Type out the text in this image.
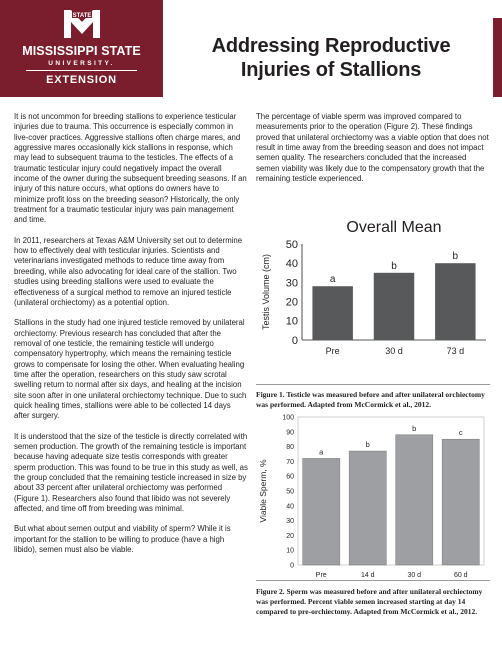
STATE
MISSISSIPPI STATE
UNIVERSITY.
EXTENSION
Addressing Reproductive
Injuries of Stallions

It is not uncommon for breeding stallions to experience testicular injuries due to trauma. This occurrence is especially common in live-cover practices. Aggressive stallions often charge mares, and aggressive mares occasionally kick stallions in response, which may lead to subsequent trauma to the testicles. The effects of a traumatic testicular injury could negatively impact the overall income of the owner during the subsequent breeding seasons. If an injury of this nature occurs, what options do owners have to minimize profit loss on the breeding season? Historically, the only treatment for a traumatic testicular injury was pain management and time.

In 2011, researchers at Texas A&M University set out to determine how to effectively deal with testicular injuries. Scientists and veterinarians investigated methods to reduce time away from breeding, while also advocating for ideal care of the stallion. Two studies using breeding stallions were used to evaluate the effectiveness of a surgical method to remove an injured testicle (unilateral orchiectomy) as a potential option.

Stallions in the study had one injured testicle removed by unilateral orchiectomy. Previous research has concluded that after the removal of one testicle, the remaining testicle will undergo compensatory hypertrophy, which means the remaining testicle grows to compensate for losing the other. When evaluating healing time after the operation, researchers on this study saw scrotal swelling return to normal after six days, and healing at the incision site soon after in one unilateral orchiectomy technique. Due to such quick healing times, stallions were able to be collected 14 days after surgery.

It is understood that the size of the testicle is directly correlated with semen production. The growth of the remaining testicle is important because having adequate size testis corresponds with greater sperm production. This was found to be true in this study as well, as the group concluded that the remaining testicle increased in size by about 33 percent after unilateral orchiectomy was performed (Figure 1). Researchers also found that libido was not severely affected, and time off from breeding was minimal.

But what about semen output and viability of sperm? While it is important for the stallion to be willing to produce (have a high libido), semen must also be viable.

The percentage of viable sperm was improved compared to measurements prior to the operation (Figure 2). These findings proved that unilateral orchiectomy was a viable option that does not result in time away from the breeding season and does not impact semen quality. The researchers concluded that the increased semen viability was likely due to the compensatory growth that the remaining testicle experienced.

Overall Mean
0
10
20
30
40
50
a
Pre
b
30 d
b
73 d
Testis Volume (cm)
Figure 1. Testicle was measured before and after unilateral orchiectomy was performed. Adapted from McCormick et al., 2012.
0
10
20
30
40
50
60
70
80
90
100
a
Pre
b
14 d
b
30 d
c
60 d
Viable Sperm, %
Figure 2. Sperm was measured before and after unilateral orchiectomy was performed. Percent viable semen increased starting at day 14 compared to pre-orchiectomy. Adapted from McCormick et al., 2012.
